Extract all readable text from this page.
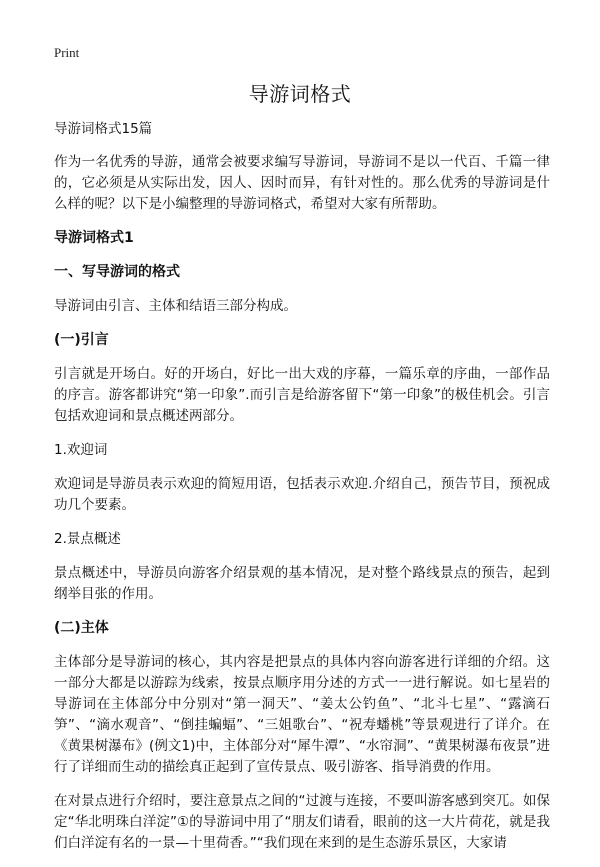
Print
导游词格式

导游词格式15篇

作为一名优秀的导游，通常会被要求编写导游词，导游词不是以一代百、千篇一律的，它必须是从实际出发，因人、因时而异，有针对性的。那么优秀的导游词是什么样的呢？以下是小编整理的导游词格式，希望对大家有所帮助。

导游词格式1
一、写导游词的格式

导游词由引言、主体和结语三部分构成。

(一)引言

引言就是开场白。好的开场白，好比一出大戏的序幕，一篇乐章的序曲，一部作品的序言。游客都讲究“第一印象”.而引言是给游客留下“第一印象”的极佳机会。引言包括欢迎词和景点概述两部分。

1.欢迎词

欢迎词是导游员表示欢迎的简短用语，包括表示欢迎.介绍自己，预告节目，预祝成功几个要素。

2.景点概述

景点概述中，导游员向游客介绍景观的基本情况，是对整个路线景点的预告，起到纲举目张的作用。

(二)主体

主体部分是导游词的核心，其内容是把景点的具体内容向游客进行详细的介绍。这一部分大都是以游踪为线索，按景点顺序用分述的方式一一进行解说。如七星岩的导游词在主体部分中分别对“第一洞天”、“姜太公钓鱼”、“北斗七星”、“露滴石笋”、“滴水观音”、“倒挂蝙蝠”、“三姐歌台”、“祝寿蟠桃”等景观进行了详介。在《黄果树瀑布》(例文1)中，主体部分对“犀牛潭”、“水帘洞”、“黄果树瀑布夜景”进行了详细而生动的描绘真正起到了宣传景点、吸引游客、指导消费的作用。

在对景点进行介绍时，要注意景点之间的“过渡与连接，不要叫游客感到突兀。如保定“华北明珠白洋淀”①的导游词中用了“朋友们请看，眼前的这一大片荷花，就是我们白洋淀有名的一景—十里荷香。”“我们现在来到的是生态游乐景区，大家请
